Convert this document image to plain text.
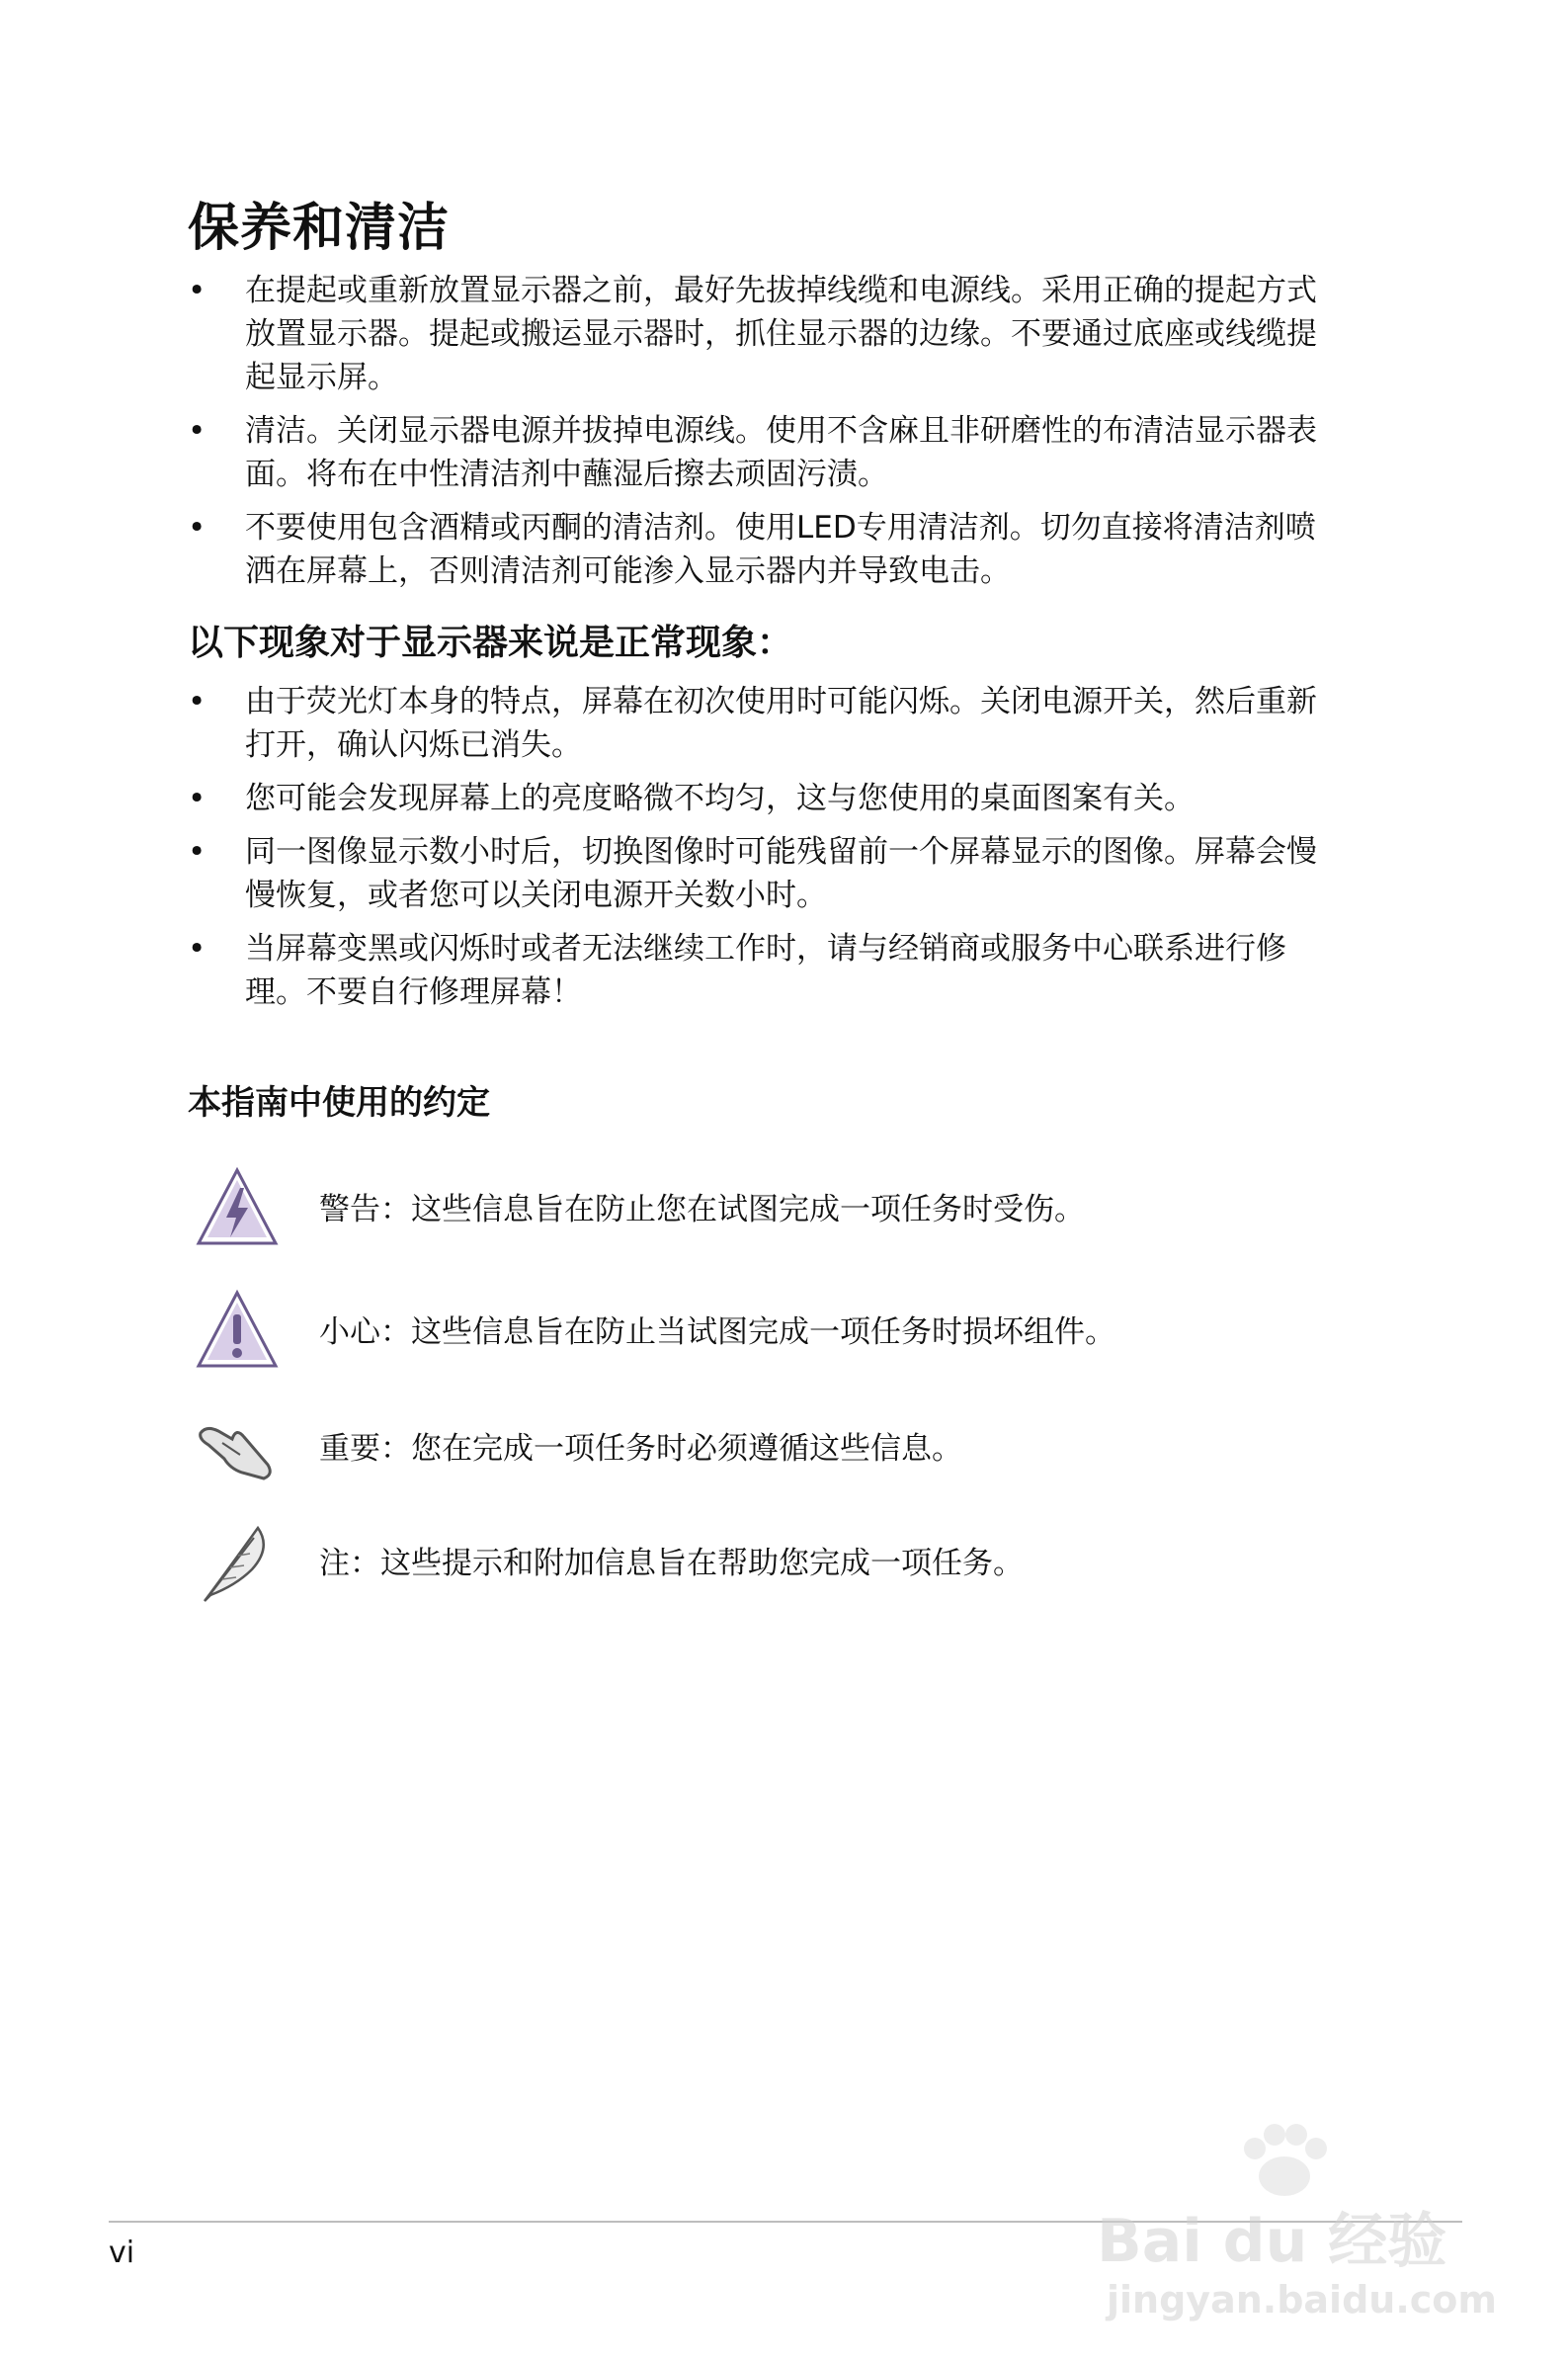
保养和清洁
•	在提起或重新放置显示器之前，最好先拔掉线缆和电源线。采用正确的提起方式
放置显示器。提起或搬运显示器时，抓住显示器的边缘。不要通过底座或线缆提
起显示屏。
•	清洁。关闭显示器电源并拔掉电源线。使用不含麻且非研磨性的布清洁显示器表
面。将布在中性清洁剂中蘸湿后擦去顽固污渍。
•	不要使用包含酒精或丙酮的清洁剂。使用LED专用清洁剂。切勿直接将清洁剂喷
洒在屏幕上，否则清洁剂可能渗入显示器内并导致电击。
以下现象对于显示器来说是正常现象：
•	由于荧光灯本身的特点，屏幕在初次使用时可能闪烁。关闭电源开关，然后重新
打开，确认闪烁已消失。
•	您可能会发现屏幕上的亮度略微不均匀，这与您使用的桌面图案有关。
•	同一图像显示数小时后，切换图像时可能残留前一个屏幕显示的图像。屏幕会慢
慢恢复，或者您可以关闭电源开关数小时。
•	当屏幕变黑或闪烁时或者无法继续工作时，请与经销商或服务中心联系进行修
理。不要自行修理屏幕！
本指南中使用的约定
警告：这些信息旨在防止您在试图完成一项任务时受伤。
小心：这些信息旨在防止当试图完成一项任务时损坏组件。
重要：您在完成一项任务时必须遵循这些信息。
注：这些提示和附加信息旨在帮助您完成一项任务。
vi	Bai du 经验
jingyan.baidu.com
